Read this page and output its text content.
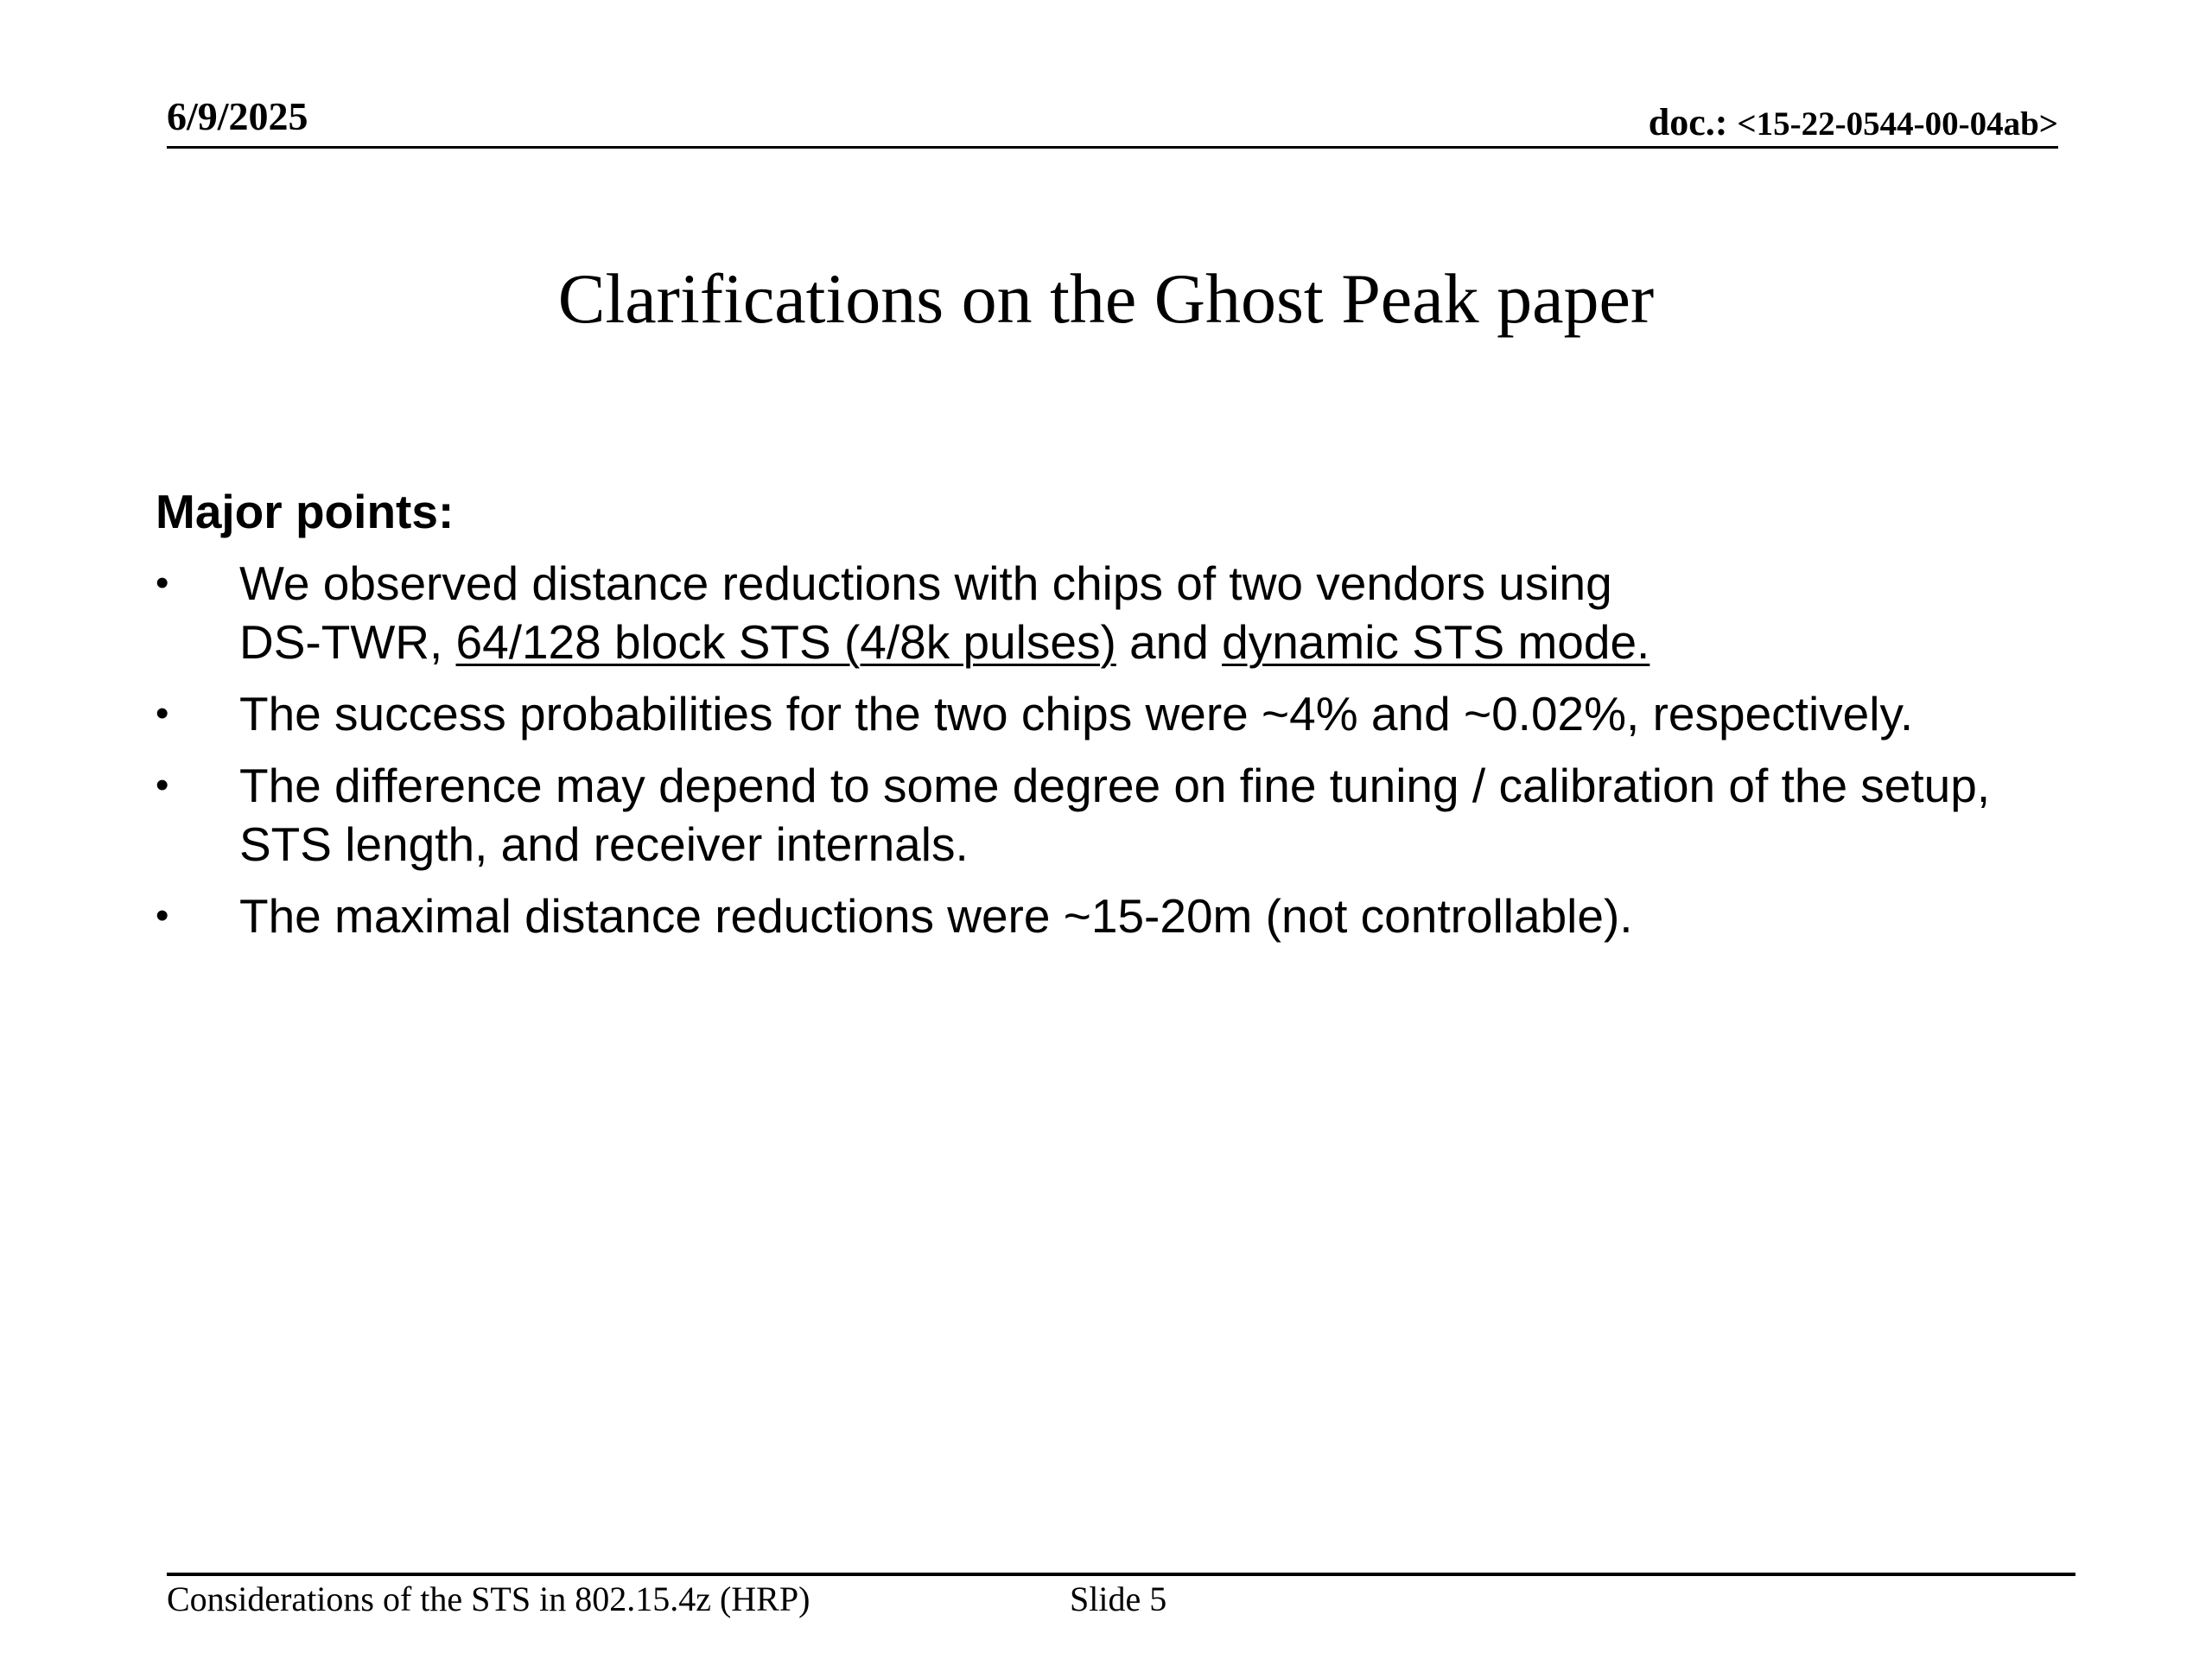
6/9/2025	doc.: <15-22-0544-00-04ab>
Clarifications on the Ghost Peak paper
Major points:
• We observed distance reductions with chips of two vendors using
DS-TWR, 64/128 block STS (4/8k pulses) and dynamic STS mode.
• The success probabilities for the two chips were ~4% and ~0.02%, respectively.
• The difference may depend to some degree on fine tuning / calibration of the setup, STS length, and receiver internals.
• The maximal distance reductions were ~15-20m (not controllable).
Considerations of the STS in 802.15.4z (HRP)	Slide 5
